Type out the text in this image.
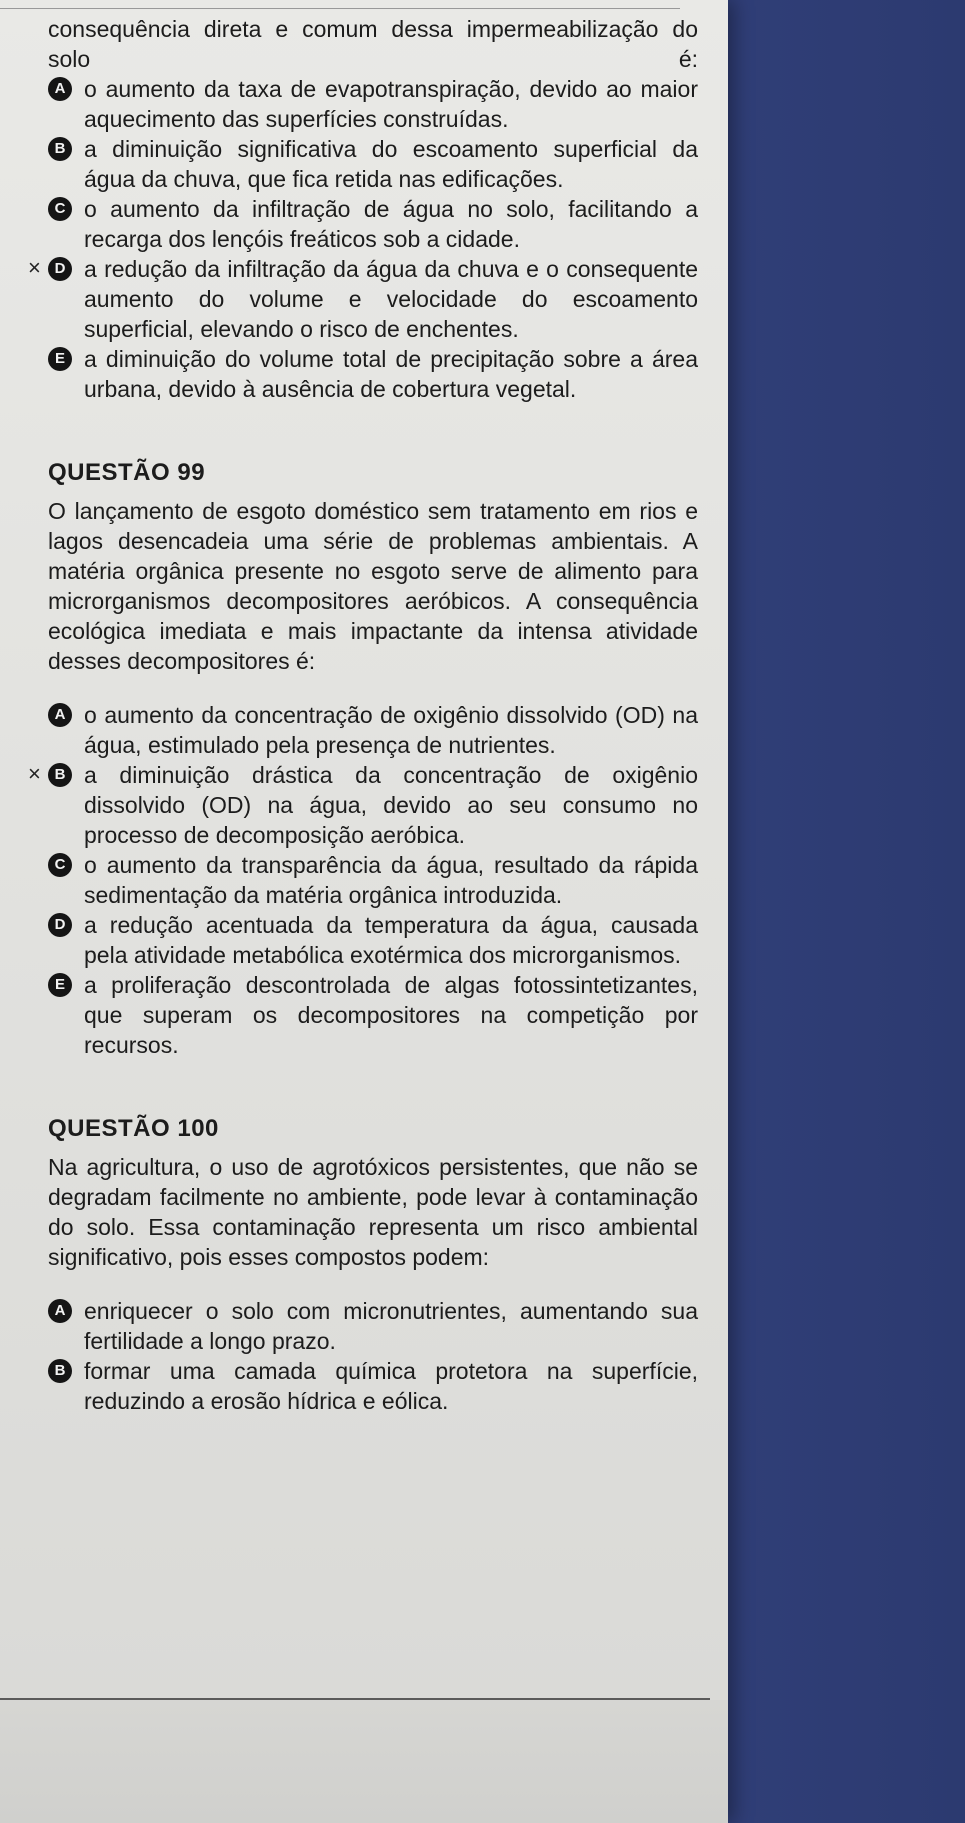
consequência direta e comum dessa impermeabilização do solo é:

A o aumento da taxa de evapotranspiração, devido ao maior aquecimento das superfícies construídas.

B a diminuição significativa do escoamento superficial da água da chuva, que fica retida nas edificações.

C o aumento da infiltração de água no solo, facilitando a recarga dos lençóis freáticos sob a cidade.

× D a redução da infiltração da água da chuva e o consequente aumento do volume e velocidade do escoamento superficial, elevando o risco de enchentes.

E a diminuição do volume total de precipitação sobre a área urbana, devido à ausência de cobertura vegetal.

QUESTÃO 99

O lançamento de esgoto doméstico sem tratamento em rios e lagos desencadeia uma série de problemas ambientais. A matéria orgânica presente no esgoto serve de alimento para microrganismos decompositores aeróbicos. A consequência ecológica imediata e mais impactante da intensa atividade desses decompositores é:

A o aumento da concentração de oxigênio dissolvido (OD) na água, estimulado pela presença de nutrientes.

× B a diminuição drástica da concentração de oxigênio dissolvido (OD) na água, devido ao seu consumo no processo de decomposição aeróbica.

C o aumento da transparência da água, resultado da rápida sedimentação da matéria orgânica introduzida.

D a redução acentuada da temperatura da água, causada pela atividade metabólica exotérmica dos microrganismos.

E a proliferação descontrolada de algas fotossintetizantes, que superam os decompositores na competição por recursos.

QUESTÃO 100

Na agricultura, o uso de agrotóxicos persistentes, que não se degradam facilmente no ambiente, pode levar à contaminação do solo. Essa contaminação representa um risco ambiental significativo, pois esses compostos podem:

A enriquecer o solo com micronutrientes, aumentando sua fertilidade a longo prazo.

B formar uma camada química protetora na superfície, reduzindo a erosão hídrica e eólica.
